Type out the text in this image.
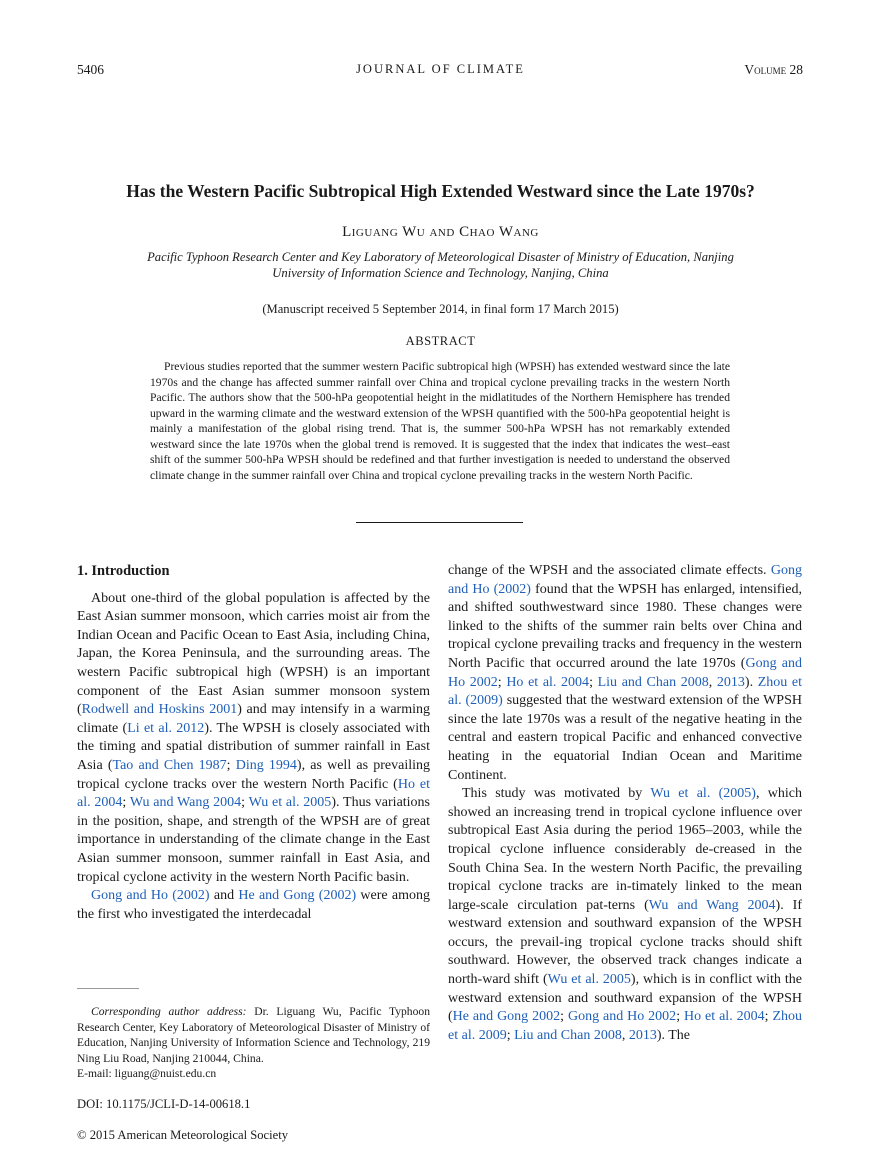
5406	JOURNAL OF CLIMATE	Volume 28
Has the Western Pacific Subtropical High Extended Westward since the Late 1970s?
Liguang Wu and Chao Wang
Pacific Typhoon Research Center and Key Laboratory of Meteorological Disaster of Ministry of Education, Nanjing
University of Information Science and Technology, Nanjing, China
(Manuscript received 5 September 2014, in final form 17 March 2015)
ABSTRACT

Previous studies reported that the summer western Pacific subtropical high (WPSH) has extended westward since the late 1970s and the change has affected summer rainfall over China and tropical cyclone prevailing tracks in the western North Pacific. The authors show that the 500-hPa geopotential height in the midlatitudes of the Northern Hemisphere has trended upward in the warming climate and the westward extension of the WPSH quantified with the 500-hPa geopotential height is mainly a manifestation of the global rising trend. That is, the summer 500-hPa WPSH has not remarkably extended westward since the late 1970s when the global trend is removed. It is suggested that the index that indicates the west–east shift of the summer 500-hPa WPSH should be redefined and that further investigation is needed to understand the observed climate change in the summer rainfall over China and tropical cyclone prevailing tracks in the western North Pacific.

1. Introduction

About one-third of the global population is affected by the East Asian summer monsoon, which carries moist air from the Indian Ocean and Pacific Ocean to East Asia, including China, Japan, the Korea Peninsula, and the surrounding areas. The western Pacific subtropical high (WPSH) is an important component of the East Asian summer monsoon system (Rodwell and Hoskins 2001) and may intensify in a warming climate (Li et al. 2012). The WPSH is closely associated with the timing and spatial distribution of summer rainfall in East Asia (Tao and Chen 1987; Ding 1994), as well as prevailing tropical cyclone tracks over the western North Pacific (Ho et al. 2004; Wu and Wang 2004; Wu et al. 2005). Thus variations in the position, shape, and strength of the WPSH are of great importance in understanding of the climate change in the East Asian summer monsoon, summer rainfall in East Asia, and tropical cyclone activity in the western North Pacific basin.

Gong and Ho (2002) and He and Gong (2002) were among the first who investigated the interdecadal

change of the WPSH and the associated climate effects. Gong and Ho (2002) found that the WPSH has enlarged, intensified, and shifted southwestward since 1980. These changes were linked to the shifts of the summer rain belts over China and tropical cyclone prevailing tracks and frequency in the western North Pacific that occurred around the late 1970s (Gong and Ho 2002; Ho et al. 2004; Liu and Chan 2008, 2013). Zhou et al. (2009) suggested that the westward extension of the WPSH since the late 1970s was a result of the negative heating in the central and eastern tropical Pacific and enhanced convective heating in the equatorial Indian Ocean and Maritime Continent.

This study was motivated by Wu et al. (2005), which showed an increasing trend in tropical cyclone influence over subtropical East Asia during the period 1965–2003, while the tropical cyclone influence considerably de-creased in the South China Sea. In the western North Pacific, the prevailing tropical cyclone tracks are in-timately linked to the mean large-scale circulation pat-terns (Wu and Wang 2004). If westward extension and southward expansion of the WPSH occurs, the prevail-ing tropical cyclone tracks should shift southward. However, the observed track changes indicate a north-ward shift (Wu et al. 2005), which is in conflict with the westward extension and southward expansion of the WPSH (He and Gong 2002; Gong and Ho 2002; Ho et al. 2004; Zhou et al. 2009; Liu and Chan 2008, 2013). The

Corresponding author address: Dr. Liguang Wu, Pacific Typhoon Research Center, Key Laboratory of Meteorological Disaster of Ministry of Education, Nanjing University of Information Science and Technology, 219 Ning Liu Road, Nanjing 210044, China.

E-mail: liguang@nuist.edu.cn
DOI: 10.1175/JCLI-D-14-00618.1
© 2015 American Meteorological Society
